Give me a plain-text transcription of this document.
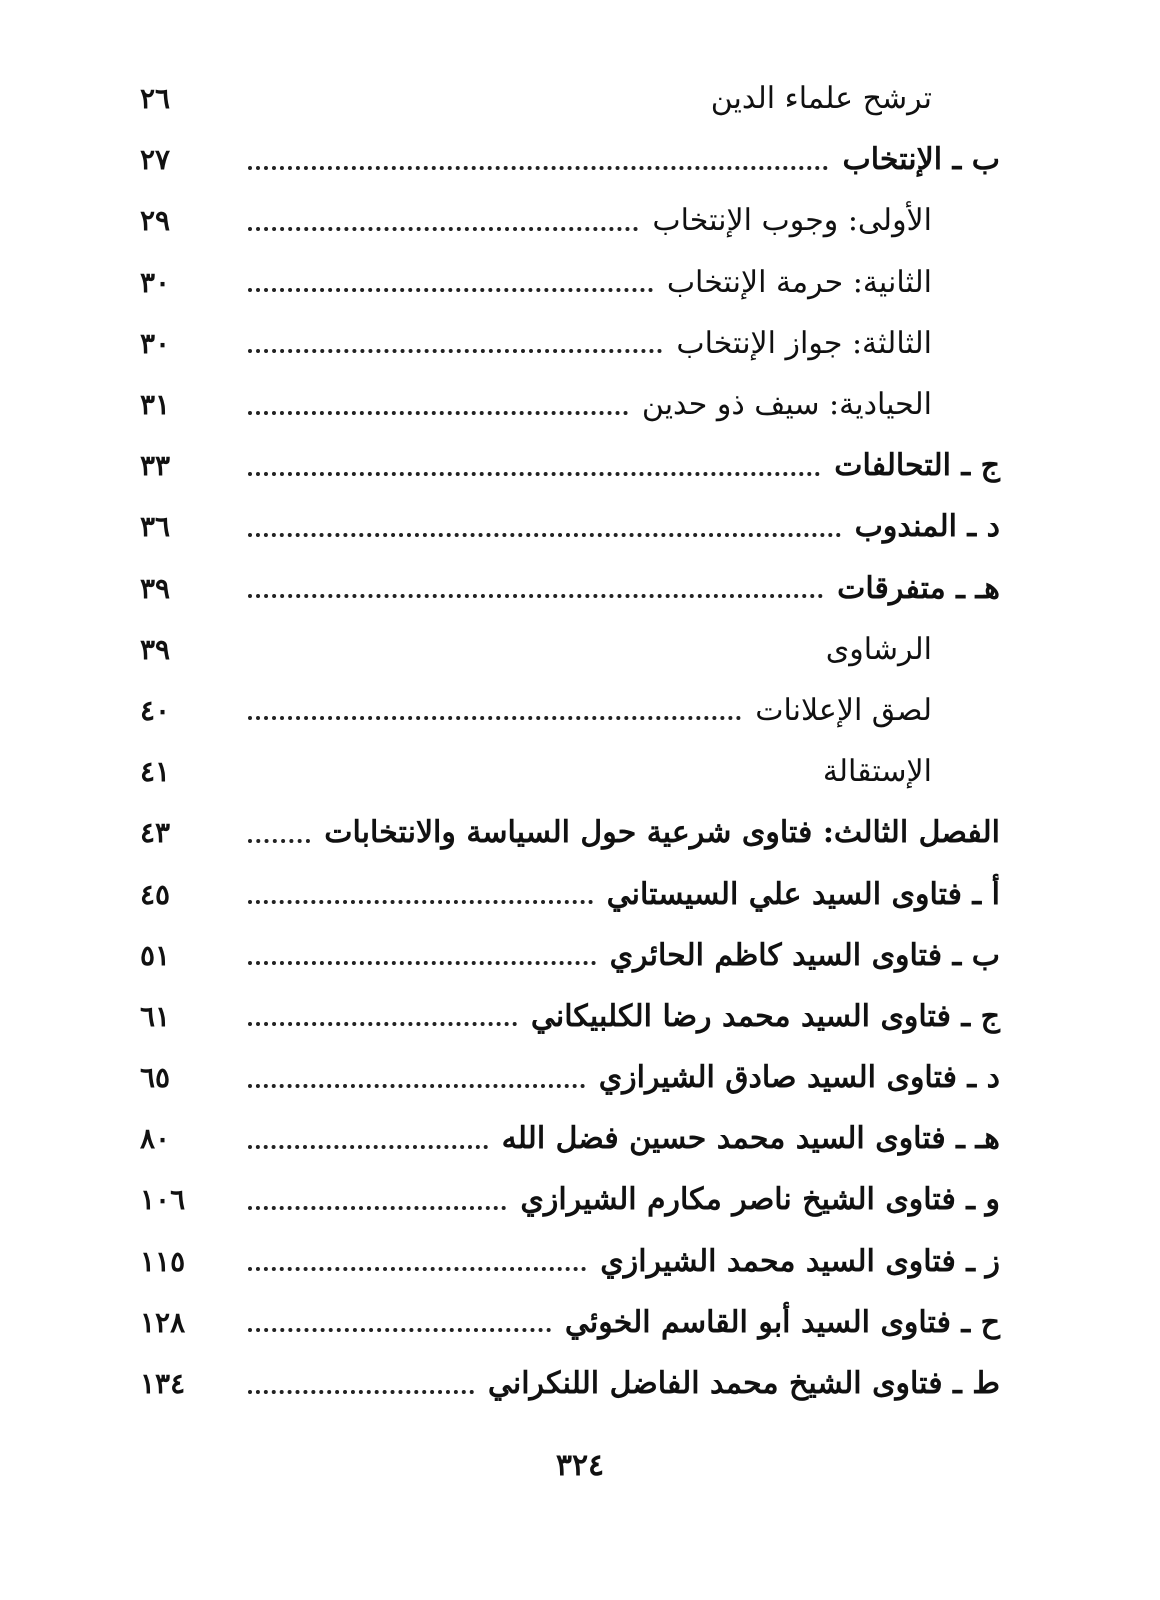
ترشح علماء الدين
٢٦
ب ـ الإنتخاب
٢٧
الأولى: وجوب الإنتخاب
٢٩
الثانية: حرمة الإنتخاب
٣٠
الثالثة: جواز الإنتخاب
٣٠
الحيادية: سيف ذو حدين
٣١
ج ـ التحالفات
٣٣
د ـ المندوب
٣٦
هـ ـ متفرقات
٣٩
الرشاوى
٣٩
لصق الإعلانات
٤٠
الإستقالة
٤١
الفصل الثالث: فتاوى شرعية حول السياسة والانتخابات
٤٣
أ ـ فتاوى السيد علي السيستاني
٤٥
ب ـ فتاوى السيد كاظم الحائري
٥١
ج ـ فتاوى السيد محمد رضا الكلبيكاني
٦١
د ـ فتاوى السيد صادق الشيرازي
٦٥
هـ ـ فتاوى السيد محمد حسين فضل الله
٨٠
و ـ فتاوى الشيخ ناصر مكارم الشيرازي
١٠٦
ز ـ فتاوى السيد محمد الشيرازي
١١٥
ح ـ فتاوى السيد أبو القاسم الخوئي
١٢٨
ط ـ فتاوى الشيخ محمد الفاضل اللنكراني
١٣٤
٣٢٤
